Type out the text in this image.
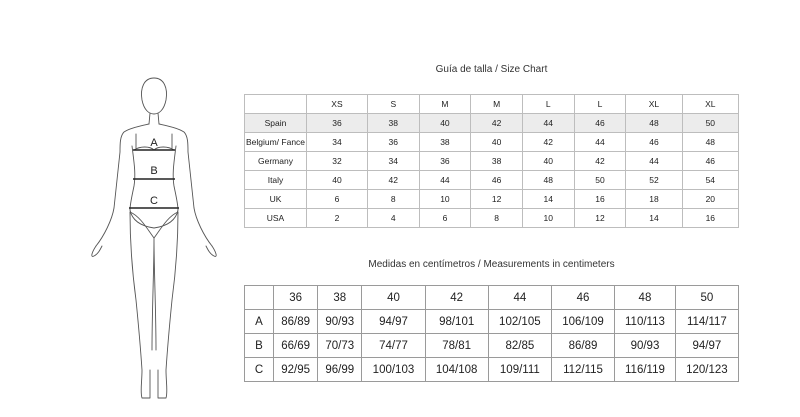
A
B
C
Guía de talla / Size Chart
	XS	S	M	M	L	L	XL	XL
Spain	36	38	40	42	44	46	48	50
Belgium/ Fance	34	36	38	40	42	44	46	48
Germany	32	34	36	38	40	42	44	46
Italy	40	42	44	46	48	50	52	54
UK	6	8	10	12	14	16	18	20
USA	2	4	6	8	10	12	14	16
Medidas en centímetros / Measurements in centimeters
	36	38	40	42	44	46	48	50
A	86/89	90/93	94/97	98/101	102/105	106/109	110/113	114/117
B	66/69	70/73	74/77	78/81	82/85	86/89	90/93	94/97
C	92/95	96/99	100/103	104/108	109/111	112/115	116/119	120/123
